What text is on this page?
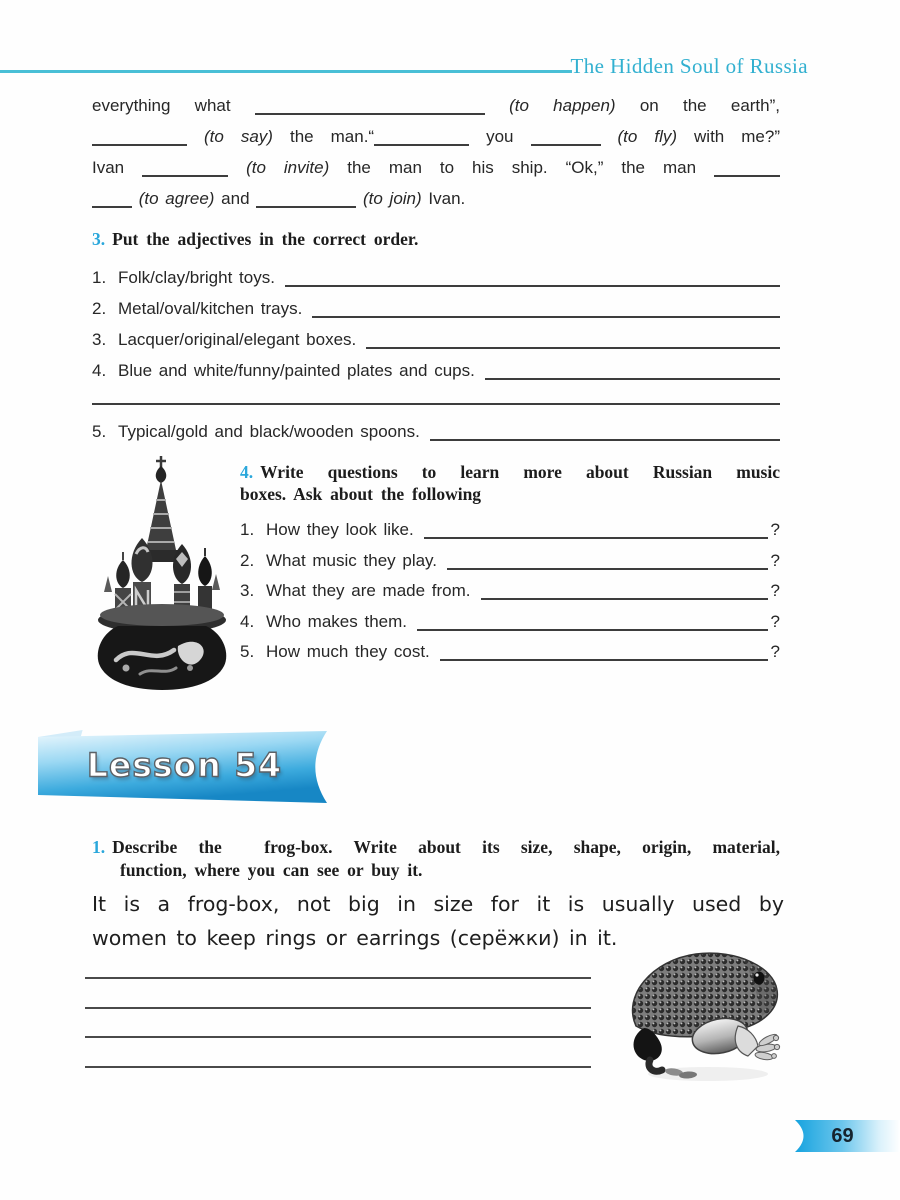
The Hidden Soul of Russia
everything what	(to happen) on the earth”,
(to say) the man.“	you	(to fly) with me?”
Ivan	(to invite) the man to his ship. “Ok,” the man
(to agree) and	(to join) Ivan.
3. Put the adjectives in the correct order.
1. Folk/clay/bright toys.
2. Metal/oval/kitchen trays.
3. Lacquer/original/elegant boxes.
4. Blue and white/funny/painted plates and cups.
5. Typical/gold and black/wooden spoons.
4. Write questions to learn more about Russian music
boxes. Ask about the following
1. How they look like.	?
2. What music they play.	?
3. What they are made from.	?
4. Who makes them.	?
5. How much they cost.	?
Lesson 54
1. Describe the  frog-box. Write about its size, shape, origin, material,
function, where you can see or buy it.
It is a frog-box, not big in size for it is usually used by
women to keep rings or earrings (серёжки) in it.
69
